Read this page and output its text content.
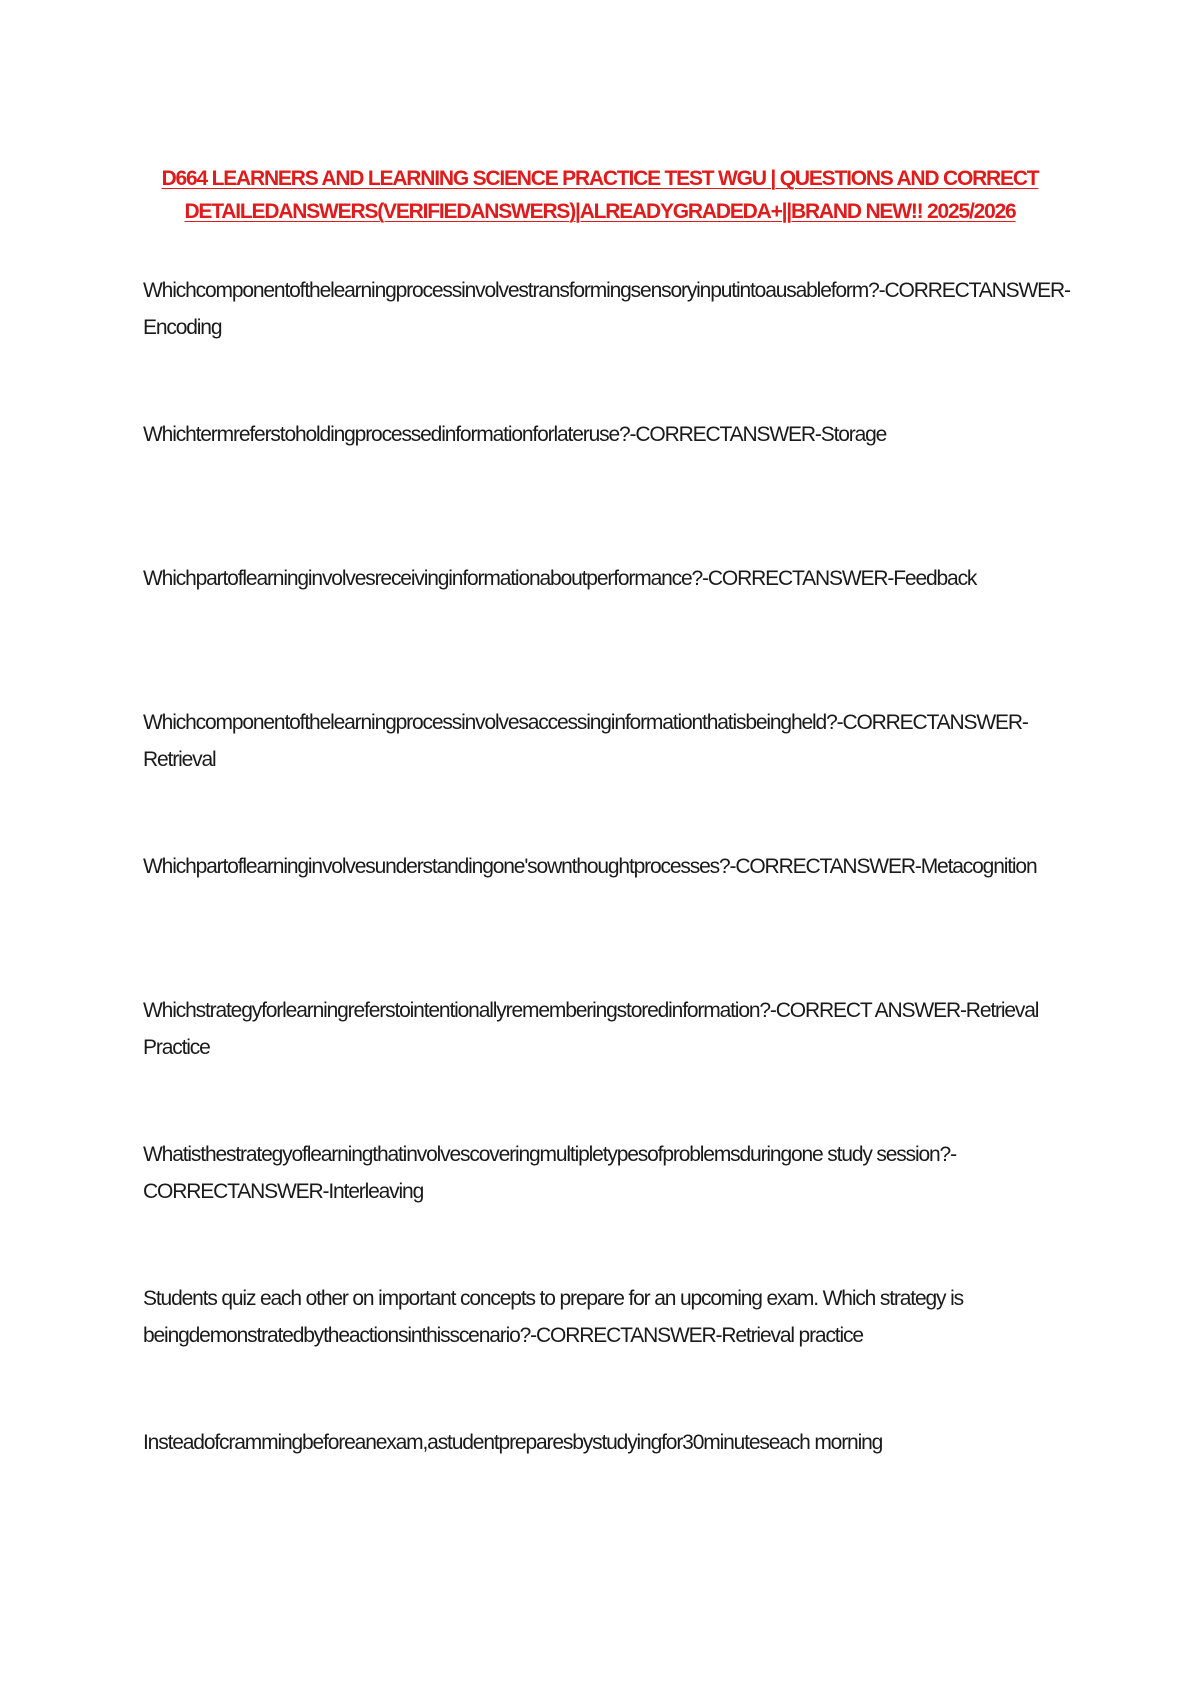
D664 LEARNERS AND LEARNING SCIENCE PRACTICE TEST WGU | QUESTIONS AND CORRECT DETAILEDANSWERS(VERIFIEDANSWERS)|ALREADYGRADEDA+||BRAND NEW!! 2025/2026
Whichcomponentofthelearningprocessinvolvestransformingsensoryinputintoausableform?-CORRECTANSWER-Encoding
Whichtermreferstoholdingprocessedinformationforlateruse?-CORRECTANSWER-Storage
Whichpartoflearninginvolvesreceivinginformationaboutperformance?-CORRECTANSWER-Feedback
Whichcomponentofthelearningprocessinvolvesaccessinginformationthatisbeingheld?-CORRECTANSWER-Retrieval
Whichpartoflearninginvolvesunderstandingone'sownthoughtprocesses?-CORRECTANSWER-Metacognition
Whichstrategyforlearningreferstointentionallyrememberingstoredinformation?-CORRECT ANSWER-Retrieval Practice
Whatisthestrategyoflearningthatinvolvescoveringmultipletypesofproblemsduringone study session?-CORRECTANSWER-Interleaving
Students quiz each other on important concepts to prepare for an upcoming exam. Which strategy is beingdemonstratedbytheactionsinthisscenario?-CORRECTANSWER-Retrieval practice
Insteadofcrammingbeforeanexam,astudentpreparesbystudyingfor30minuteseach morning
